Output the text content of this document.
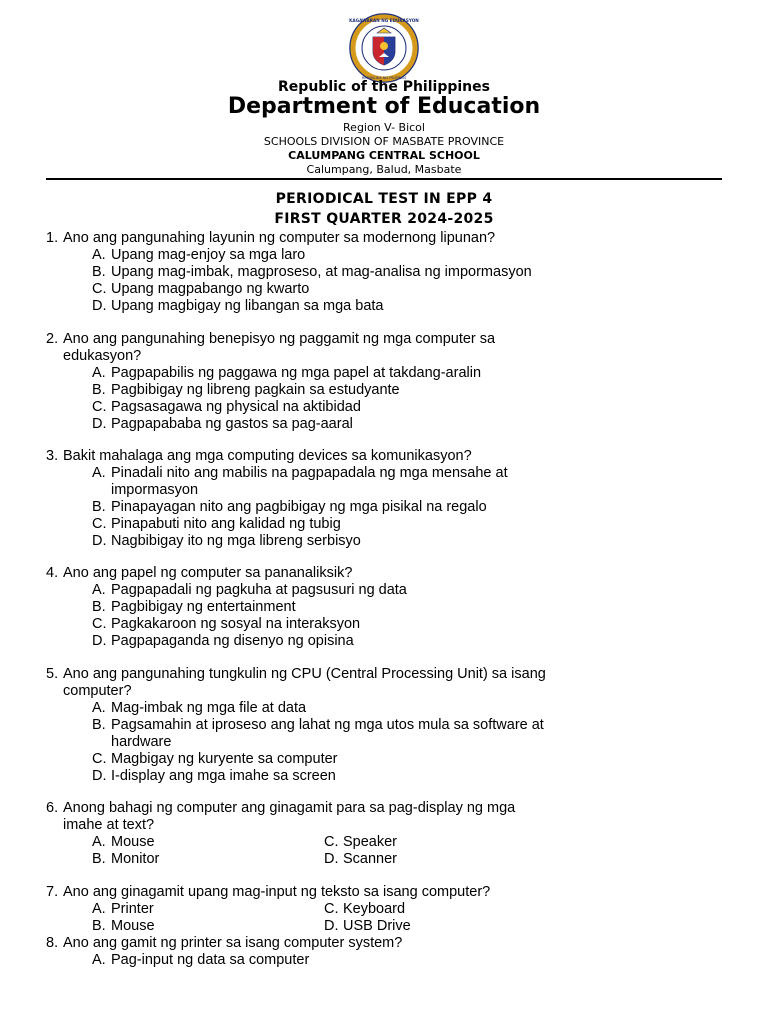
KAGAWARAN NG EDUKASYON
REPUBLIKA NG PILIPINAS
Republic of the Philippines
Department of Education
Region V- Bicol
SCHOOLS DIVISION OF MASBATE PROVINCE
CALUMPANG CENTRAL SCHOOL
Calumpang, Balud, Masbate
PERIODICAL TEST IN EPP 4
FIRST QUARTER 2024-2025
1. Ano ang pangunahing layunin ng computer sa modernong lipunan?
A. Upang mag-enjoy sa mga laro
B. Upang mag-imbak, magproseso, at mag-analisa ng impormasyon
C. Upang magpabango ng kwarto
D. Upang magbigay ng libangan sa mga bata
2. Ano ang pangunahing benepisyo ng paggamit ng mga computer sa
edukasyon?
A. Pagpapabilis ng paggawa ng mga papel at takdang-aralin
B. Pagbibigay ng libreng pagkain sa estudyante
C. Pagsasagawa ng physical na aktibidad
D. Pagpapababa ng gastos sa pag-aaral
3. Bakit mahalaga ang mga computing devices sa komunikasyon?
A. Pinadali nito ang mabilis na pagpapadala ng mga mensahe at
impormasyon
B. Pinapayagan nito ang pagbibigay ng mga pisikal na regalo
C. Pinapabuti nito ang kalidad ng tubig
D. Nagbibigay ito ng mga libreng serbisyo
4. Ano ang papel ng computer sa pananaliksik?
A. Pagpapadali ng pagkuha at pagsusuri ng data
B. Pagbibigay ng entertainment
C. Pagkakaroon ng sosyal na interaksyon
D. Pagpapaganda ng disenyo ng opisina
5. Ano ang pangunahing tungkulin ng CPU (Central Processing Unit) sa isang
computer?
A. Mag-imbak ng mga file at data
B. Pagsamahin at iproseso ang lahat ng mga utos mula sa software at
hardware
C. Magbigay ng kuryente sa computer
D. I-display ang mga imahe sa screen
6. Anong bahagi ng computer ang ginagamit para sa pag-display ng mga
imahe at text?
A. Mouse	C. Speaker
B. Monitor	D. Scanner
7. Ano ang ginagamit upang mag-input ng teksto sa isang computer?
A. Printer	C. Keyboard
B. Mouse	D. USB Drive
8. Ano ang gamit ng printer sa isang computer system?
A. Pag-input ng data sa computer
